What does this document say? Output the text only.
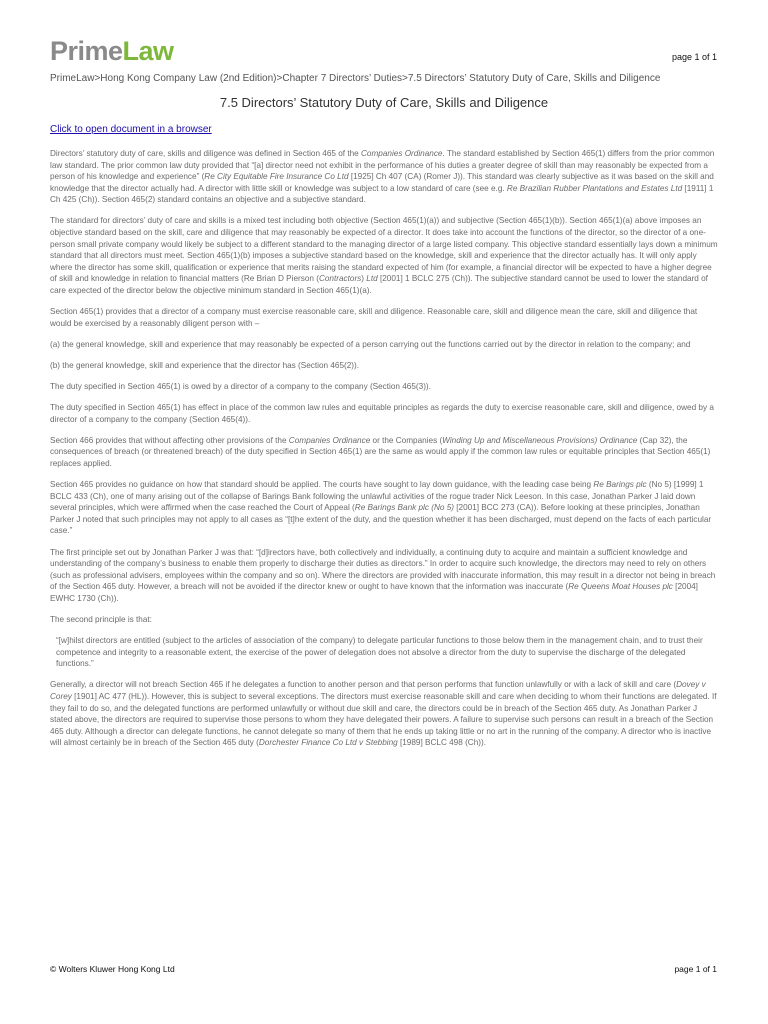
PrimeLaw	page 1 of 1
PrimeLaw>Hong Kong Company Law (2nd Edition)>Chapter 7 Directors’ Duties>7.5 Directors’ Statutory Duty of Care, Skills and Diligence
7.5 Directors’ Statutory Duty of Care, Skills and Diligence
Click to open document in a browser

Directors’ statutory duty of care, skills and diligence was defined in Section 465 of the Companies Ordinance. The standard established by Section 465(1) differs from the prior common law standard. The prior common law duty provided that “[a] director need not exhibit in the performance of his duties a greater degree of skill than may reasonably be expected from a person of his knowledge and experience” (Re City Equitable Fire Insurance Co Ltd [1925] Ch 407 (CA) (Romer J)). This standard was clearly subjective as it was based on the skill and knowledge that the director actually had. A director with little skill or knowledge was subject to a low standard of care (see e.g. Re Brazilian Rubber Plantations and Estates Ltd [1911] 1 Ch 425 (Ch)). Section 465(2) standard contains an objective and a subjective standard.

The standard for directors’ duty of care and skills is a mixed test including both objective (Section 465(1)(a)) and subjective (Section 465(1)(b)). Section 465(1)(a) above imposes an objective standard based on the skill, care and diligence that may reasonably be expected of a director. It does take into account the functions of the director, so the director of a one-person small private company would likely be subject to a different standard to the managing director of a large listed company. This objective standard essentially lays down a minimum standard that all directors must meet. Section 465(1)(b) imposes a subjective standard based on the knowledge, skill and experience that the director actually has. It will only apply where the director has some skill, qualification or experience that merits raising the standard expected of him (for example, a financial director will be expected to have a higher degree of skill and knowledge in relation to financial matters (Re Brian D Pierson (Contractors) Ltd [2001] 1 BCLC 275 (Ch)). The subjective standard cannot be used to lower the standard of care expected of the director below the objective minimum standard in Section 465(1)(a).

Section 465(1) provides that a director of a company must exercise reasonable care, skill and diligence. Reasonable care, skill and diligence mean the care, skill and diligence that would be exercised by a reasonably diligent person with –

(a) the general knowledge, skill and experience that may reasonably be expected of a person carrying out the functions carried out by the director in relation to the company; and

(b) the general knowledge, skill and experience that the director has (Section 465(2)).

The duty specified in Section 465(1) is owed by a director of a company to the company (Section 465(3)).

The duty specified in Section 465(1) has effect in place of the common law rules and equitable principles as regards the duty to exercise reasonable care, skill and diligence, owed by a director of a company to the company (Section 465(4)).

Section 466 provides that without affecting other provisions of the Companies Ordinance or the Companies (Winding Up and Miscellaneous Provisions) Ordinance (Cap 32), the consequences of breach (or threatened breach) of the duty specified in Section 465(1) are the same as would apply if the common law rules or equitable principles that Section 465(1) replaces applied.

Section 465 provides no guidance on how that standard should be applied. The courts have sought to lay down guidance, with the leading case being Re Barings plc (No 5) [1999] 1 BCLC 433 (Ch), one of many arising out of the collapse of Barings Bank following the unlawful activities of the rogue trader Nick Leeson. In this case, Jonathan Parker J laid down several principles, which were affirmed when the case reached the Court of Appeal (Re Barings Bank plc (No 5) [2001] BCC 273 (CA)). Before looking at these principles, Jonathan Parker J noted that such principles may not apply to all cases as “[t]he extent of the duty, and the question whether it has been discharged, must depend on the facts of each particular case.”

The first principle set out by Jonathan Parker J was that: “[d]irectors have, both collectively and individually, a continuing duty to acquire and maintain a sufficient knowledge and understanding of the company’s business to enable them properly to discharge their duties as directors.” In order to acquire such knowledge, the directors may need to rely on others (such as professional advisers, employees within the company and so on). Where the directors are provided with inaccurate information, this may result in a director not being in breach of the Section 465 duty. However, a breach will not be avoided if the director knew or ought to have known that the information was inaccurate (Re Queens Moat Houses plc [2004] EWHC 1730 (Ch)).

The second principle is that:

“[w]hilst directors are entitled (subject to the articles of association of the company) to delegate particular functions to those below them in the management chain, and to trust their competence and integrity to a reasonable extent, the exercise of the power of delegation does not absolve a director from the duty to supervise the discharge of the delegated functions.”

Generally, a director will not breach Section 465 if he delegates a function to another person and that person performs that function unlawfully or with a lack of skill and care (Dovey v Corey [1901] AC 477 (HL)). However, this is subject to several exceptions. The directors must exercise reasonable skill and care when deciding to whom their functions are delegated. If they fail to do so, and the delegated functions are performed unlawfully or without due skill and care, the directors could be in breach of the Section 465 duty. As Jonathan Parker J stated above, the directors are required to supervise those persons to whom they have delegated their powers. A failure to supervise such persons can result in a breach of the Section 465 duty. Although a director can delegate functions, he cannot delegate so many of them that he ends up taking little or no art in the running of the company. A director who is inactive will almost certainly be in breach of the Section 465 duty (Dorchester Finance Co Ltd v Stebbing [1989] BCLC 498 (Ch)).

© Wolters Kluwer Hong Kong Ltd	page 1 of 1
